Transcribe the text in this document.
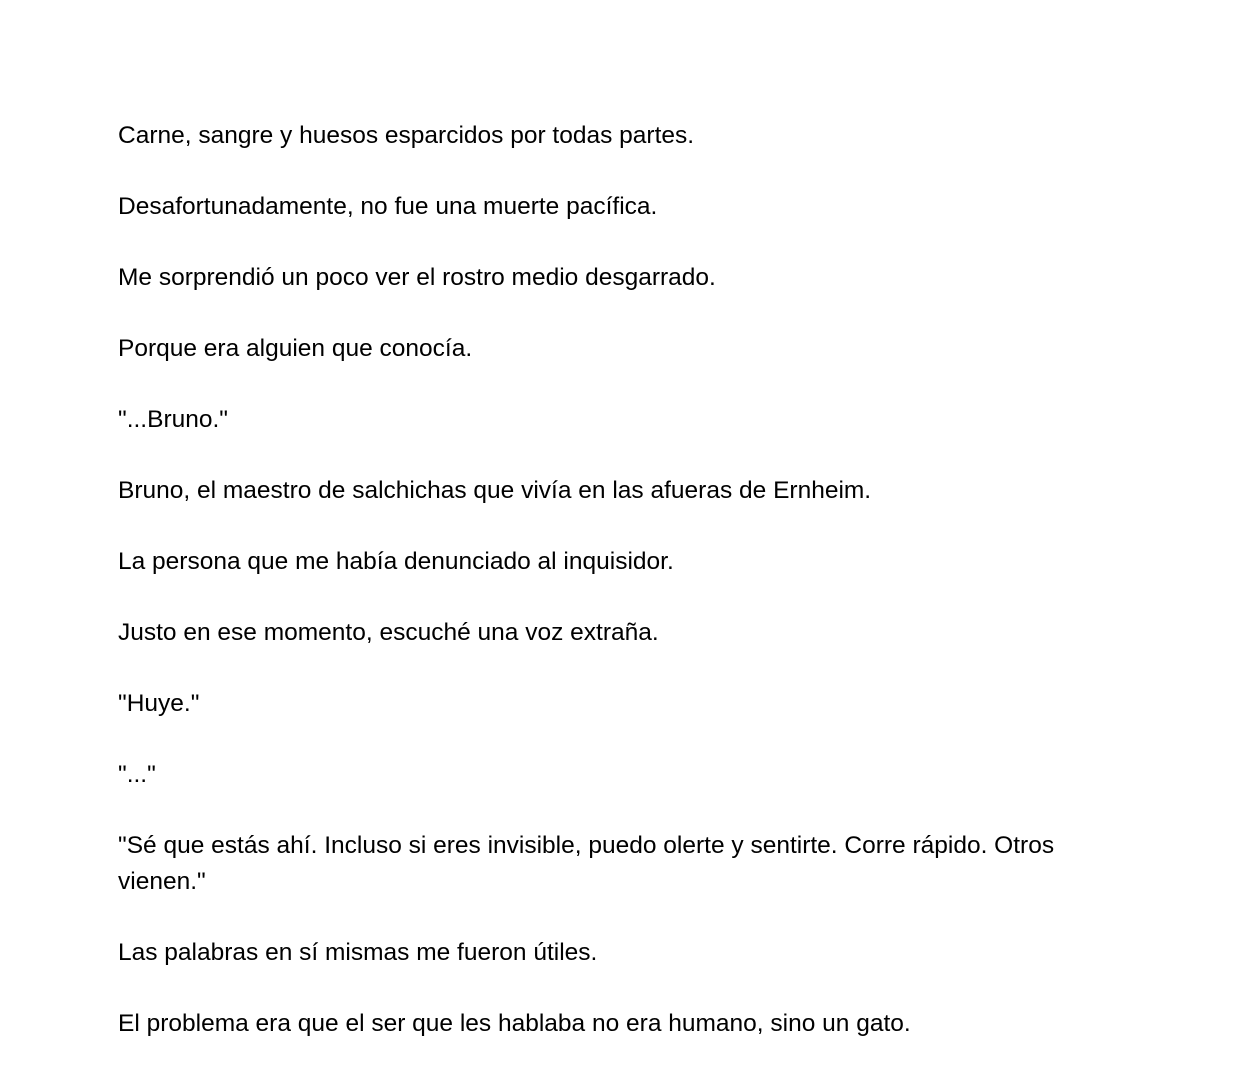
Carne, sangre y huesos esparcidos por todas partes.

Desafortunadamente, no fue una muerte pacífica.

Me sorprendió un poco ver el rostro medio desgarrado.

Porque era alguien que conocía.

"...Bruno."

Bruno, el maestro de salchichas que vivía en las afueras de Ernheim.

La persona que me había denunciado al inquisidor.

Justo en ese momento, escuché una voz extraña.

"Huye."

"..."

"Sé que estás ahí. Incluso si eres invisible, puedo olerte y sentirte. Corre rápido. Otros vienen."

Las palabras en sí mismas me fueron útiles.

El problema era que el ser que les hablaba no era humano, sino un gato.
